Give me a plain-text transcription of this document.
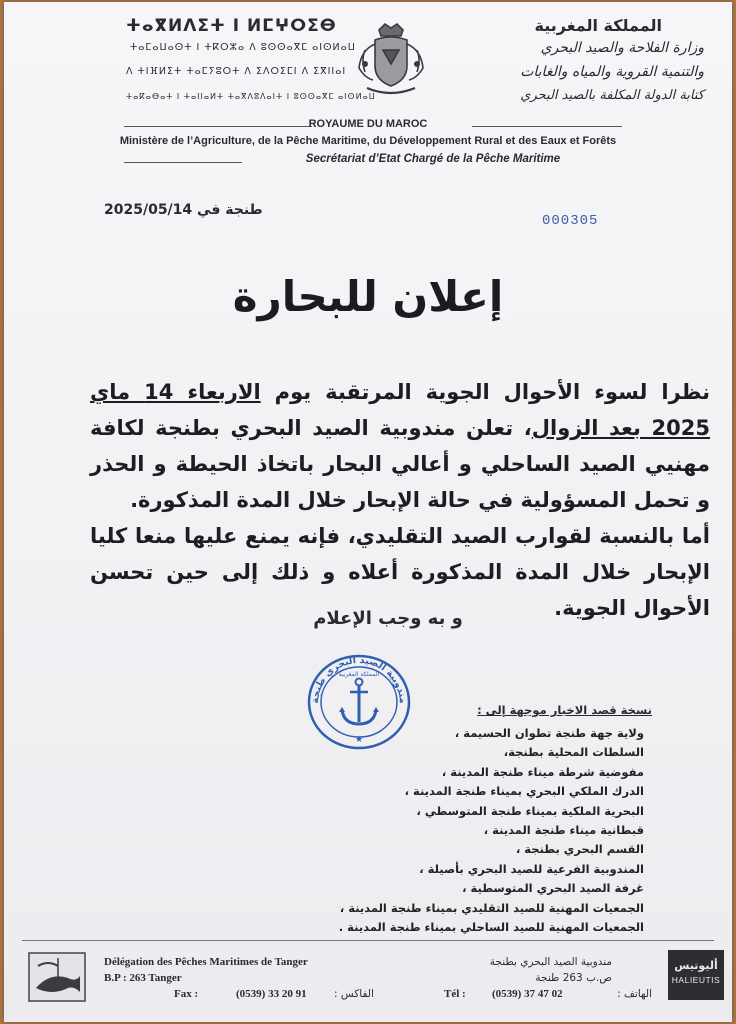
ⵜⴰⴳⵍⴷⵉⵜ ⵏ ⵍⵎⵖⵔⵉⴱ
ⵜⴰⵎⴰⵡⴰⵙⵜ ⵏ ⵜⴽⵔⵣⴰ ⴷ ⵓⵙⵙⴰⴳⵎ ⴰⵏⵙⵍⴰⵡ
ⴷ ⵜⵏⴼⵍⵉⵜ ⵜⴰⵎⵢⵓⵔⵜ ⴷ ⵉⴷⵔⵉⵎⵏ ⴷ ⵉⴳⵏⵏⴰⵏ
ⵜⴰⴽⴰⴱⴰⵜ ⵏ ⵜⴰⵏⵏⴰⵍⵜ ⵜⴰⴳⴷⵓⴷⴰⵏⵜ ⵏ ⵓⵙⵙⴰⴳⵎ ⴰⵏⵙⵍⴰⵡ
المملكة المغربية
وزارة الفلاحة والصيد البحري
والتنمية القروية والمياه والغابات
كتابة الدولة المكلفة بالصيد البحري
ROYAUME DU MAROC
Ministère de l’Agriculture, de la Pêche Maritime, du Développement Rural et des Eaux et Forêts
Secrétariat d’Etat Chargé de la Pêche Maritime
طنجة في 2025/05/14
000305
إعلان للبحارة

نظرا لسوء الأحوال الجوية المرتقبة يوم الاربعاء 14 ماي 2025 بعد الزوال، تعلن مندوبية الصيد البحري بطنجة لكافة مهنيي الصيد الساحلي و أعالي البحار باتخاذ الحيطة و الحذر و تحمل المسؤولية في حالة الإبحار خلال المدة المذكورة.

أما بالنسبة لقوارب الصيد التقليدي، فإنه يمنع عليها منعا كليا الإبحار خلال المدة المذكورة أعلاه و ذلك إلى حين تحسن الأحوال الجوية.

و به وجب الإعلام
★
مندوبية الصيد البحري طنجة
المملكة المغربية
نسخة قصد الاخبار موجهة إلى :
ولاية جهة طنجة تطوان الحسيمة ،
السلطات المحلية بطنجة،
مفوضية شرطة ميناء طنجة المدينة ،
الدرك الملكي البحري بميناء طنجة المدينة ،
البحرية الملكية بميناء طنجة المتوسطي ،
قبطانية ميناء طنجة المدينة ،
القسم البحري بطنجة ،
المندوبية الفرعية للصيد البحري بأصيلة ،
غرفة الصيد البحري المتوسطية ،
الجمعيات المهنية للصيد التقليدي بميناء طنجة المدينة ،
الجمعيات المهنية للصيد الساحلي بميناء طنجة المدينة .
Délégation des Pêches Maritimes de Tanger
B.P : 263 Tanger
Fax :	(0539) 33 20 91	الفاكس :	Tél : (0539) 37 47 02	الهاتف :
مندوبية الصيد البحري بطنجة
ص.ب 263 طنجة
أليوتيس
HALIEUTIS
